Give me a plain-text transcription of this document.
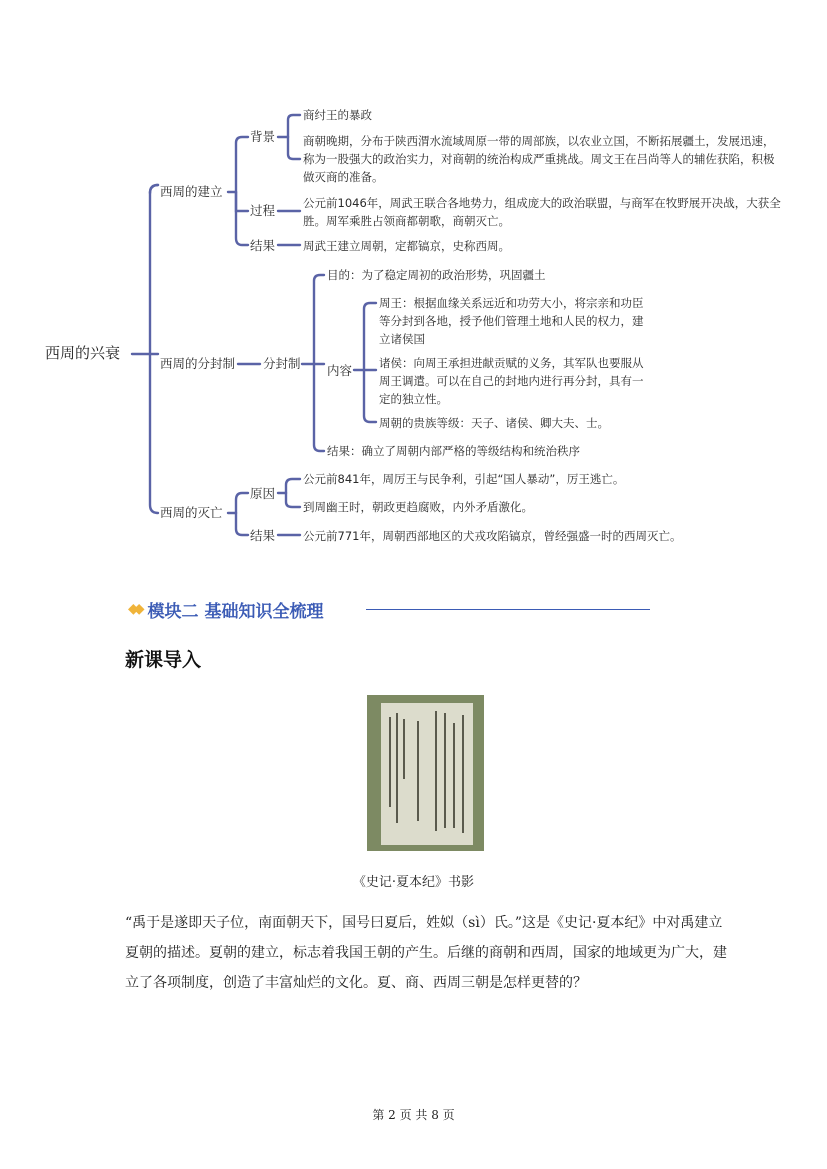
西周的兴衰
西周的建立
背景
商纣王的暴政
商朝晚期，分布于陕西渭水流域周原一带的周部族，以农业立国，不断拓展疆土，发展迅速，称为一股强大的政治实力，对商朝的统治构成严重挑战。周文王在吕尚等人的辅佐获陷，积极做灭商的准备。
过程 公元前1046年，周武王联合各地势力，组成庞大的政治联盟，与商军在牧野展开决战，大获全胜。周军乘胜占领商都朝歌，商朝灭亡。
结果 周武王建立周朝，定都镐京，史称西周。
西周的分封制 分封制
目的：为了稳定周初的政治形势，巩固疆土
内容
周王：根据血缘关系远近和功劳大小，将宗亲和功臣等分封到各地，授予他们管理土地和人民的权力，建立诸侯国
诸侯：向周王承担进献贡赋的义务，其军队也要服从周王调遣。可以在自己的封地内进行再分封，具有一定的独立性。
周朝的贵族等级：天子、诸侯、卿大夫、士。
结果：确立了周朝内部严格的等级结构和统治秩序
西周的灭亡
原因
公元前841年，周厉王与民争利，引起“国人暴动”，厉王逃亡。
到周幽王时，朝政更趋腐败，内外矛盾激化。
结果 公元前771年，周朝西部地区的犬戎攻陷镐京，曾经强盛一时的西周灭亡。
◆◆ 模块二 基础知识全梳理
新课导入
《史记·夏本纪》书影
“禹于是遂即天子位，南面朝天下，国号曰夏后，姓姒（sì）氏。”这是《史记·夏本纪》中对禹建立夏朝的描述。夏朝的建立，标志着我国王朝的产生。后继的商朝和西周，国家的地域更为广大，建立了各项制度，创造了丰富灿烂的文化。夏、商、西周三朝是怎样更替的？
第 2 页 共 8 页
